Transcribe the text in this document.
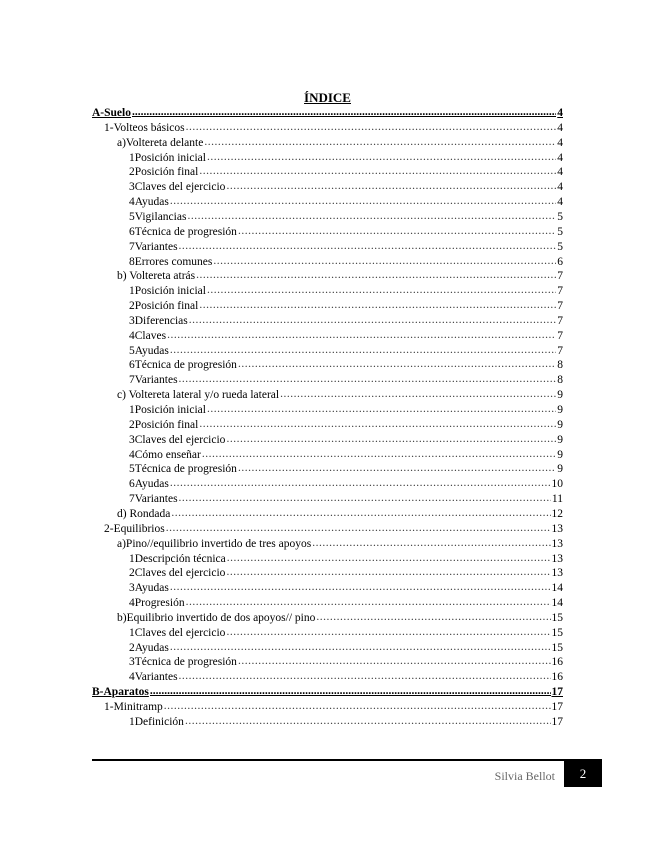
ÍNDICE
A-Suelo .....	4
1-Volteos básicos .....	4
a)Voltereta delante .....	4
1Posición inicial .....	4
2Posición final .....	4
3Claves del ejercicio .....	4
4Ayudas .....	4
5Vigilancias .....	5
6Técnica de progresión .....	5
7Variantes .....	5
8Errores comunes .....	6
b) Voltereta atrás .....	7
1Posición inicial .....	7
2Posición final .....	7
3Diferencias .....	7
4Claves .....	7
5Ayudas .....	7
6Técnica de progresión .....	8
7Variantes .....	8
c) Voltereta lateral y/o rueda lateral .....	9
1Posición inicial .....	9
2Posición final .....	9
3Claves del ejercicio .....	9
4Cómo enseñar .....	9
5Técnica de progresión .....	9
6Ayudas .....	10
7Variantes .....	11
d) Rondada .....	12
2-Equilibrios .....	13
a)Pino//equilibrio invertido de tres apoyos .....	13
1Descripción técnica .....	13
2Claves del ejercicio .....	13
3Ayudas .....	14
4Progresión .....	14
b)Equilibrio invertido de dos apoyos// pino .....	15
1Claves del ejercicio .....	15
2Ayudas .....	15
3Técnica de progresión .....	16
4Variantes .....	16
B-Aparatos .....	17
1-Minitramp .....	17
1Definición .....	17
Silvia Bellot	2
